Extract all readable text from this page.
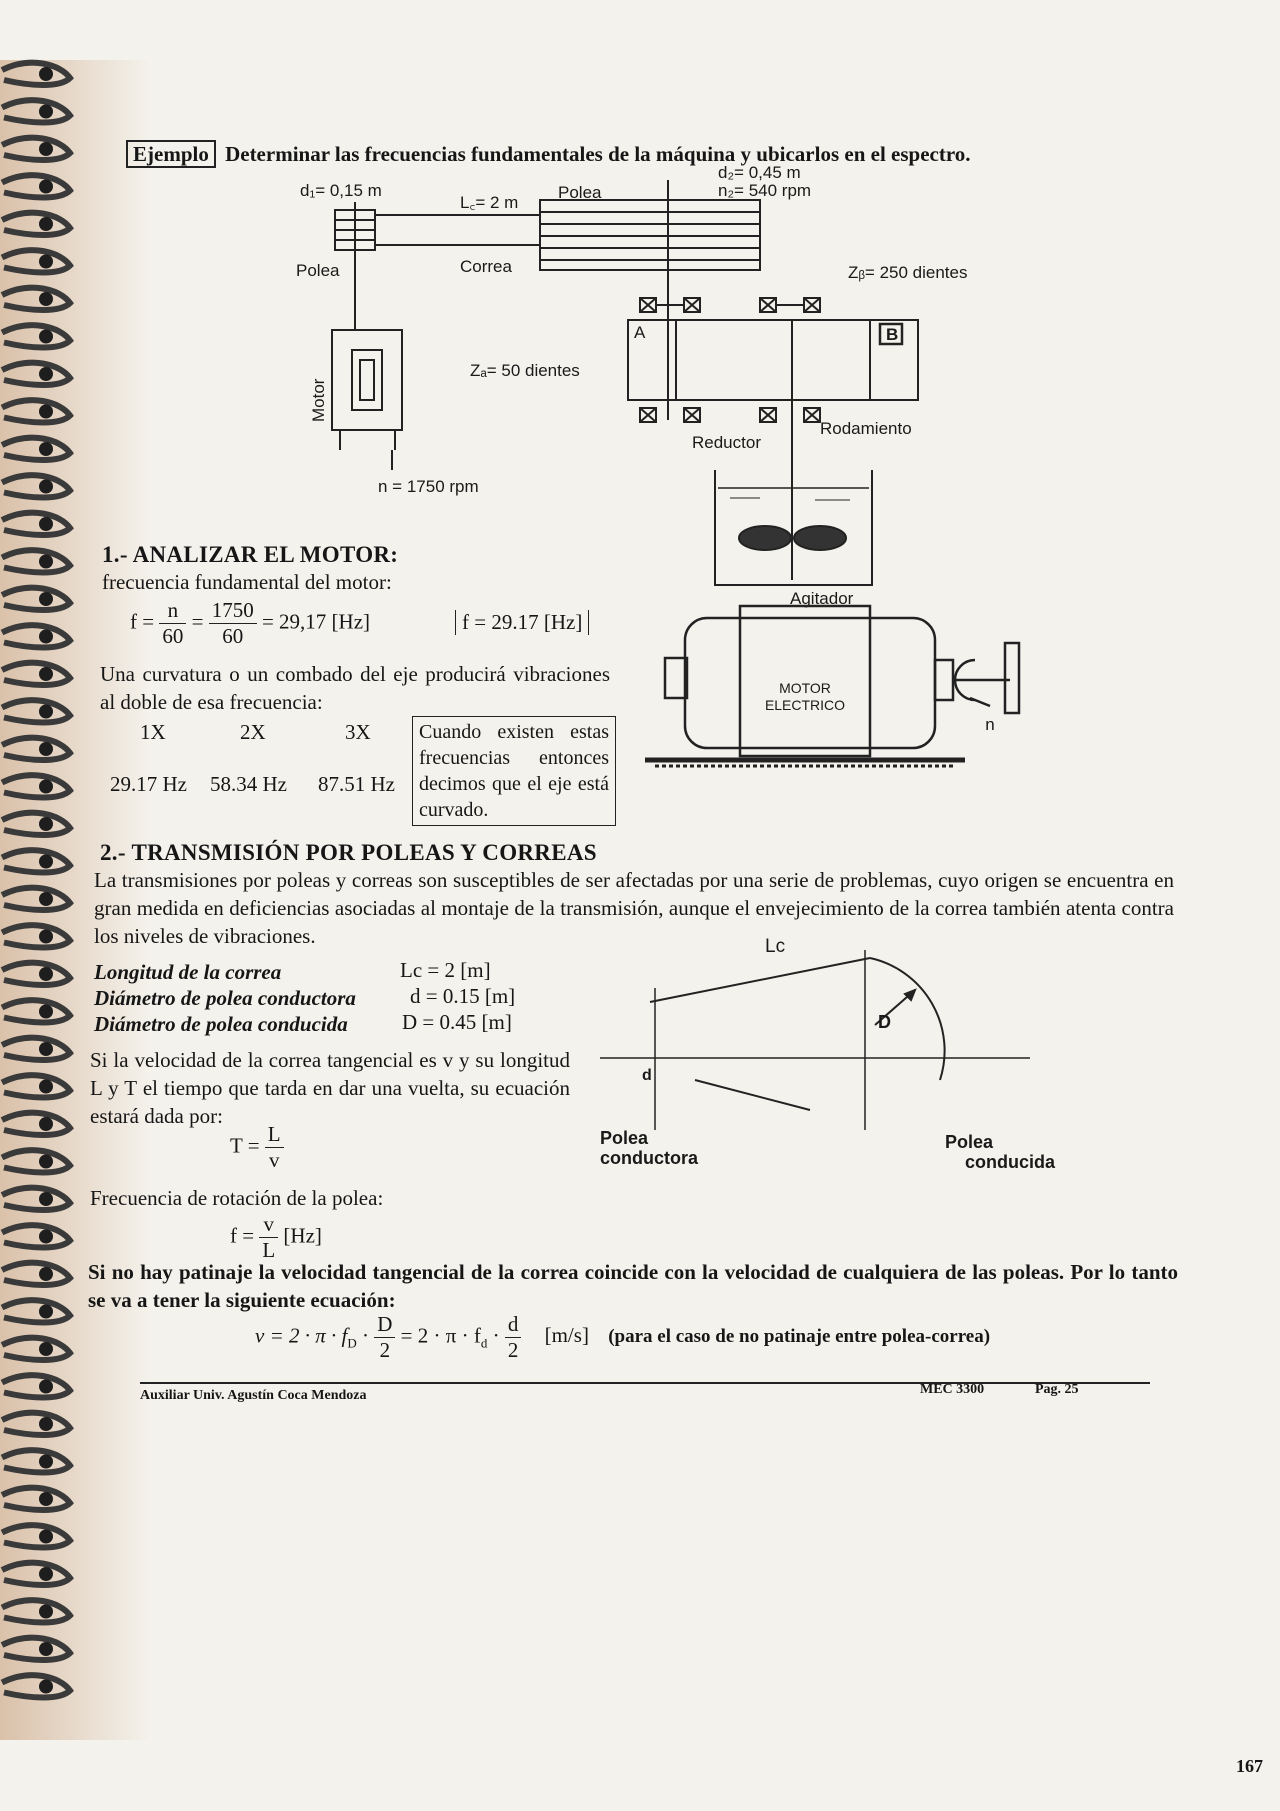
167
Ejemplo Determinar las frecuencias fundamentales de la máquina y ubicarlos en el espectro.
d₁= 0,15 m
L꜀= 2 m
Polea
d₂= 0,45 m
n₂= 540 rpm
Polea	Correa
Zₐ= 50 dientes
Zᵦ= 250 dientes
A	B
Motor
Reductor
Rodamiento
n = 1750 rpm
Agitador
1.- ANALIZAR EL MOTOR:
frecuencia fundamental del motor:
$f = \frac{n}{60} = \frac{1750}{60} = 29,17$ [Hz]	f = 29.17 [Hz]
Una curvatura o un combado del eje producirá vibraciones al doble de esa frecuencia:
1X	2X	3X
29.17 Hz 58.34 Hz 87.51 Hz
Cuando existen estas frecuencias entonces decimos que el eje está curvado.
MOTOR
ELECTRICO
n
2.- TRANSMISIÓN POR POLEAS Y CORREAS
La transmisiones por poleas y correas son susceptibles de ser afectadas por una serie de problemas, cuyo origen se encuentra en gran medida en deficiencias asociadas al montaje de la transmisión, aunque el envejecimiento de la correa también atenta contra los niveles de vibraciones.
Longitud de la correa	Lc = 2 [m]
Diámetro de polea conductora	d = 0.15 [m]
Diámetro de polea conducida	D = 0.45 [m]
Si la velocidad de la correa tangencial es v y su longitud L y T el tiempo que tarda en dar una vuelta, su ecuación estará dada por:
$T = \frac{L}{v}$
Frecuencia de rotación de la polea:
$f = \frac{v}{L} [Hz]$
Si no hay patinaje la velocidad tangencial de la correa coincide con la velocidad de cualquiera de las poleas. Por lo tanto se va a tener la siguiente ecuación:
$v = 2 \cdot \pi \cdot f_D \cdot \frac{D}{2} = 2 \cdot \pi \cdot f_d \cdot \frac{d}{2} [m/s]$ (para el caso de no patinaje entre polea-correa)
Lc
D
d
Polea
conductora
Polea
conducida
Auxiliar Univ. Agustín Coca Mendoza	MEC 3300	Pag. 25
